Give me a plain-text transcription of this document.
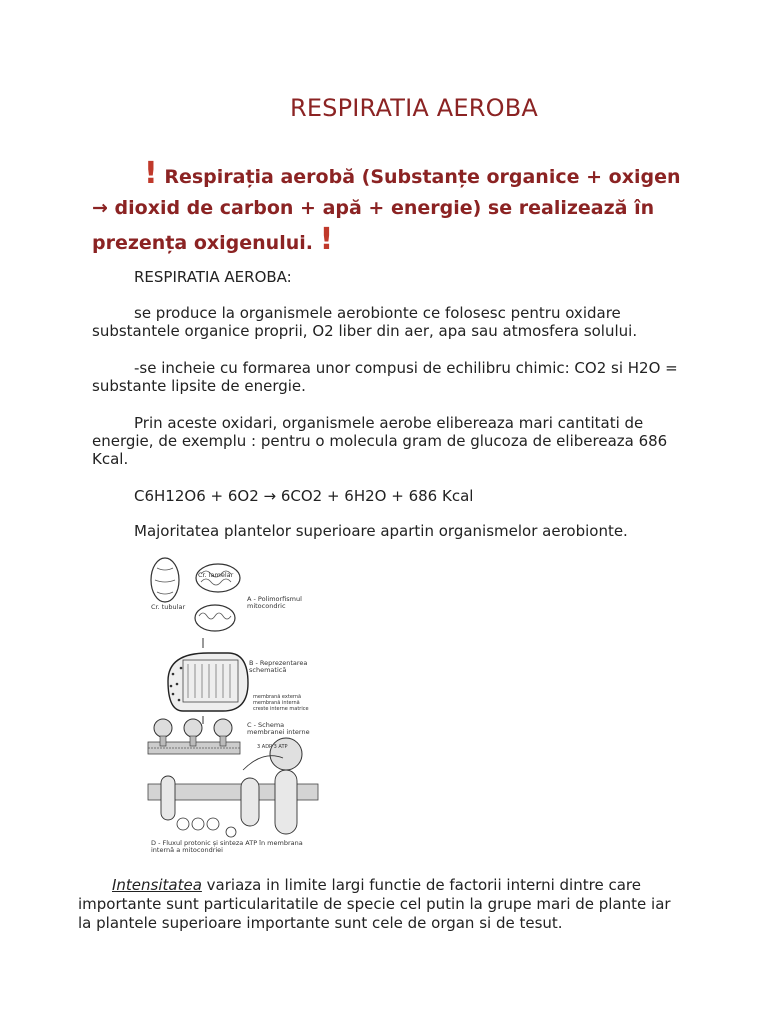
RESPIRATIA AEROBA
! Respirația aerobă (Substanțe organice + oxigen → dioxid de carbon + apă + energie) se realizează în prezența oxigenului. !
RESPIRATIA AEROBA:
se produce la organismele aerobionte ce folosesc pentru oxidare substantele organice proprii, O2 liber din aer, apa sau atmosfera solului.
-se incheie cu formarea unor compusi de echilibru chimic: CO2 si H2O = substante lipsite de energie.
Prin aceste oxidari, organismele aerobe elibereaza mari cantitati de energie, de exemplu : pentru o molecula gram de glucoza de elibereaza 686 Kcal.
C6H12O6 + 6O2 → 6CO2 + 6H2O + 686 Kcal
Majoritatea plantelor superioare apartin organismelor aerobionte.
Cr. lamelar
Cr. tubular
A - Polimorfismul mitocondric
B - Reprezentarea schematică
membrană externă membrană internă creste interne matrice
C - Schema membranei interne
3 ADP 3 ATP
D - Fluxul protonic și sinteza ATP în membrana internă a mitocondriei
Intensitatea variaza in limite largi functie de factorii interni dintre care importante sunt particularitatile de specie cel putin la grupe mari de plante iar la plantele superioare importante sunt cele de organ si de tesut.
